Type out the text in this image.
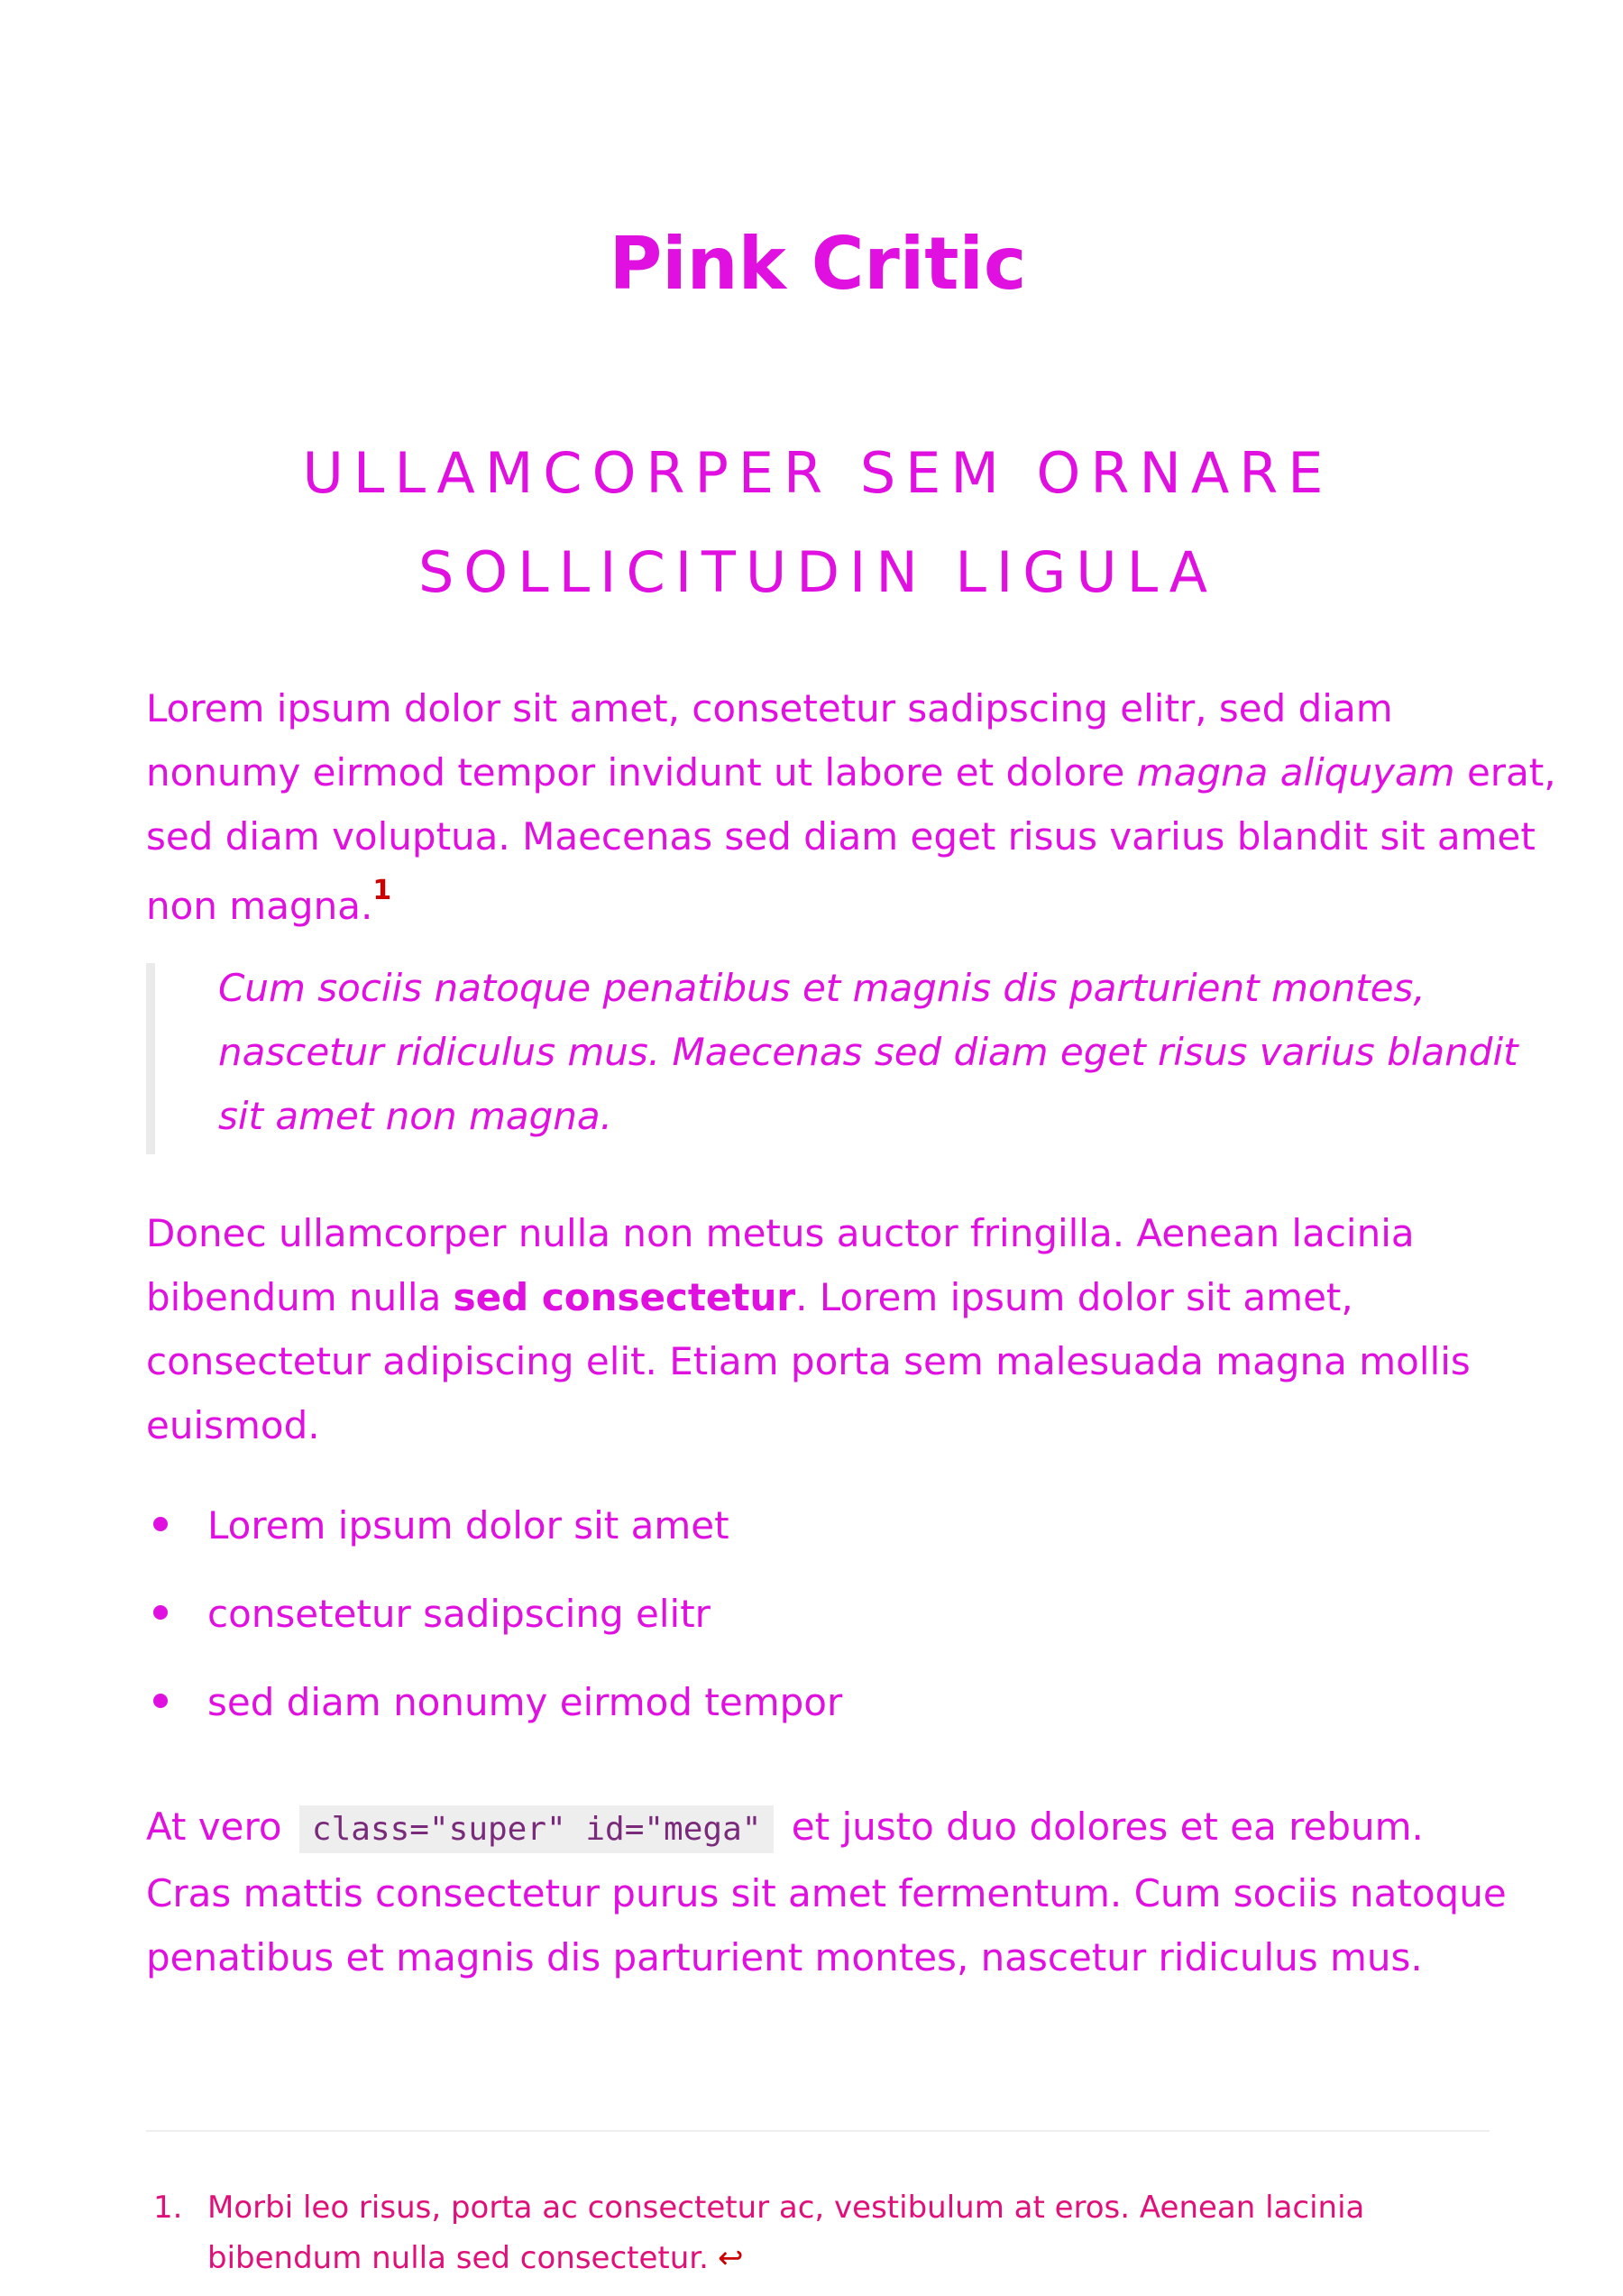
Pink Critic
ULLAMCORPER SEM ORNARE
SOLLICITUDIN LIGULA

Lorem ipsum dolor sit amet, consetetur sadipscing elitr, sed diam
nonumy eirmod tempor invidunt ut labore et dolore magna aliquyam erat,
sed diam voluptua. Maecenas sed diam eget risus varius blandit sit amet
non magna.$^1$

Cum sociis natoque penatibus et magnis dis parturient montes,
nascetur ridiculus mus. Maecenas sed diam eget risus varius blandit
sit amet non magna.

Donec ullamcorper nulla non metus auctor fringilla. Aenean lacinia
bibendum nulla sed consectetur. Lorem ipsum dolor sit amet,
consectetur adipiscing elit. Etiam porta sem malesuada magna mollis
euismod.

Lorem ipsum dolor sit amet
consetetur sadipscing elitr
sed diam nonumy eirmod tempor

At vero class="super" id="mega" et justo duo dolores et ea rebum.
Cras mattis consectetur purus sit amet fermentum. Cum sociis natoque
penatibus et magnis dis parturient montes, nascetur ridiculus mus.

1. Morbi leo risus, porta ac consectetur ac, vestibulum at eros. Aenean lacinia
bibendum nulla sed consectetur. ↩
